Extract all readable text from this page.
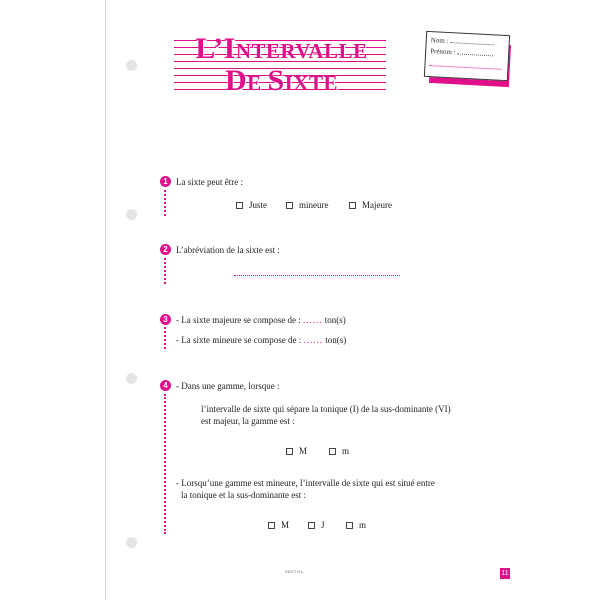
L’INTERVALLE
DE SIXTE
Nom :
Prénom :
1 La sixte peut être :
Juste	mineure	Majeure
2 L’abréviation de la sixte est :
3 - La sixte majeure se compose de : ...... ton(s)
- La sixte mineure se compose de : ...... ton(s)
4 - Dans une gamme, lorsque :
l’intervalle de sixte qui sépare la tonique (I) de la sus-dominante (VI)
est majeur, la gamme est :
M	m
- Lorsqu’une gamme est mineure, l’intervalle de sixte qui est situé entre
la tonique et la sus-dominante est :
M	J	m
24077 H.L.	11
